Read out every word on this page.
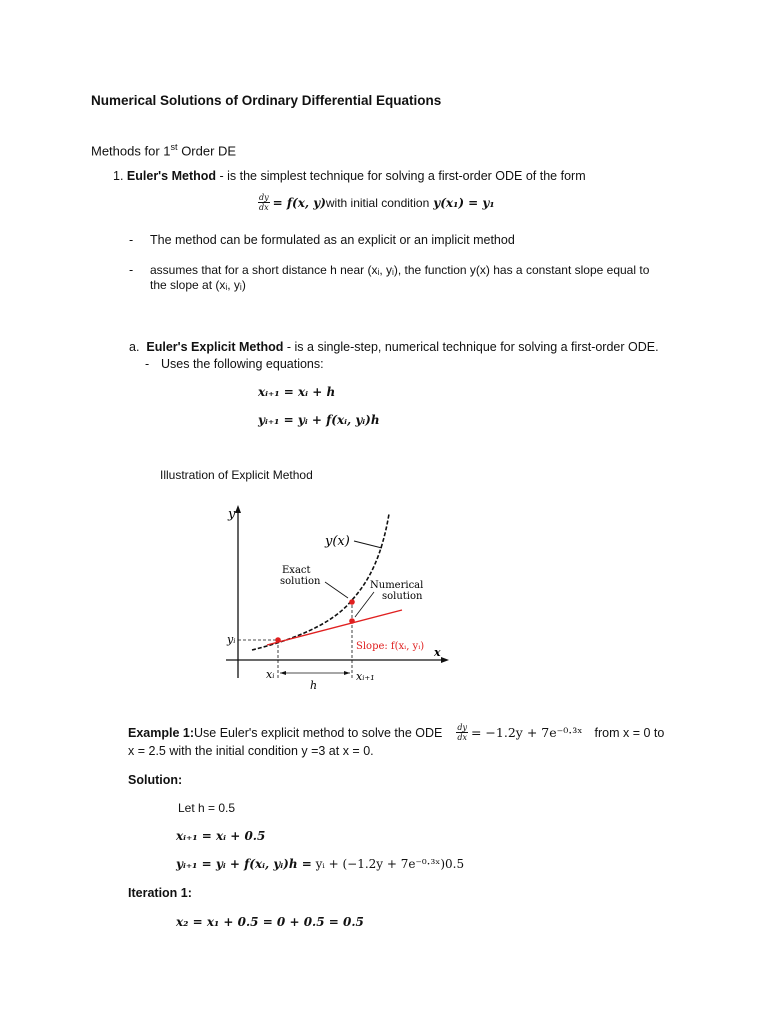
Numerical Solutions of Ordinary Differential Equations
Methods for 1st Order DE
1. Euler's Method - is the simplest technique for solving a first-order ODE of the form
$\frac{dy}{dx} = f(x$, y) with initial condition y(x₁) = y₁
- The method can be formulated as an explicit or an implicit method
- assumes that for a short distance h near (xᵢ, yᵢ), the function y(x) has a constant slope equal to
the slope at (xᵢ, yᵢ)
a. Euler's Explicit Method - is a single-step, numerical technique for solving a first-order ODE.
- Uses the following equations:
xᵢ₊₁ = xᵢ + h
yᵢ₊₁ = yᵢ + f(xᵢ, yᵢ)h
Illustration of Explicit Method
y
x
y(x)
Exact
solution	Numerical
solution
Slope: f(xᵢ, yᵢ)
yᵢ
xᵢ	xᵢ₊₁
h
Example 1: Use Euler's explicit method to solve the ODE $\frac{dy}{dx} = -1.2y$ + 7e⁻⁰·³ˣ from x = 0 to
x = 2.5 with the initial condition y =3 at x = 0.
Solution:
Let h = 0.5
xᵢ₊₁ = xᵢ + 0.5
yᵢ₊₁ = yᵢ + f(xᵢ, yᵢ)h = yᵢ + (−1.2y + 7e⁻⁰·³ˣ)0.5
Iteration 1:
x₂ = x₁ + 0.5 = 0 + 0.5 = 0.5
